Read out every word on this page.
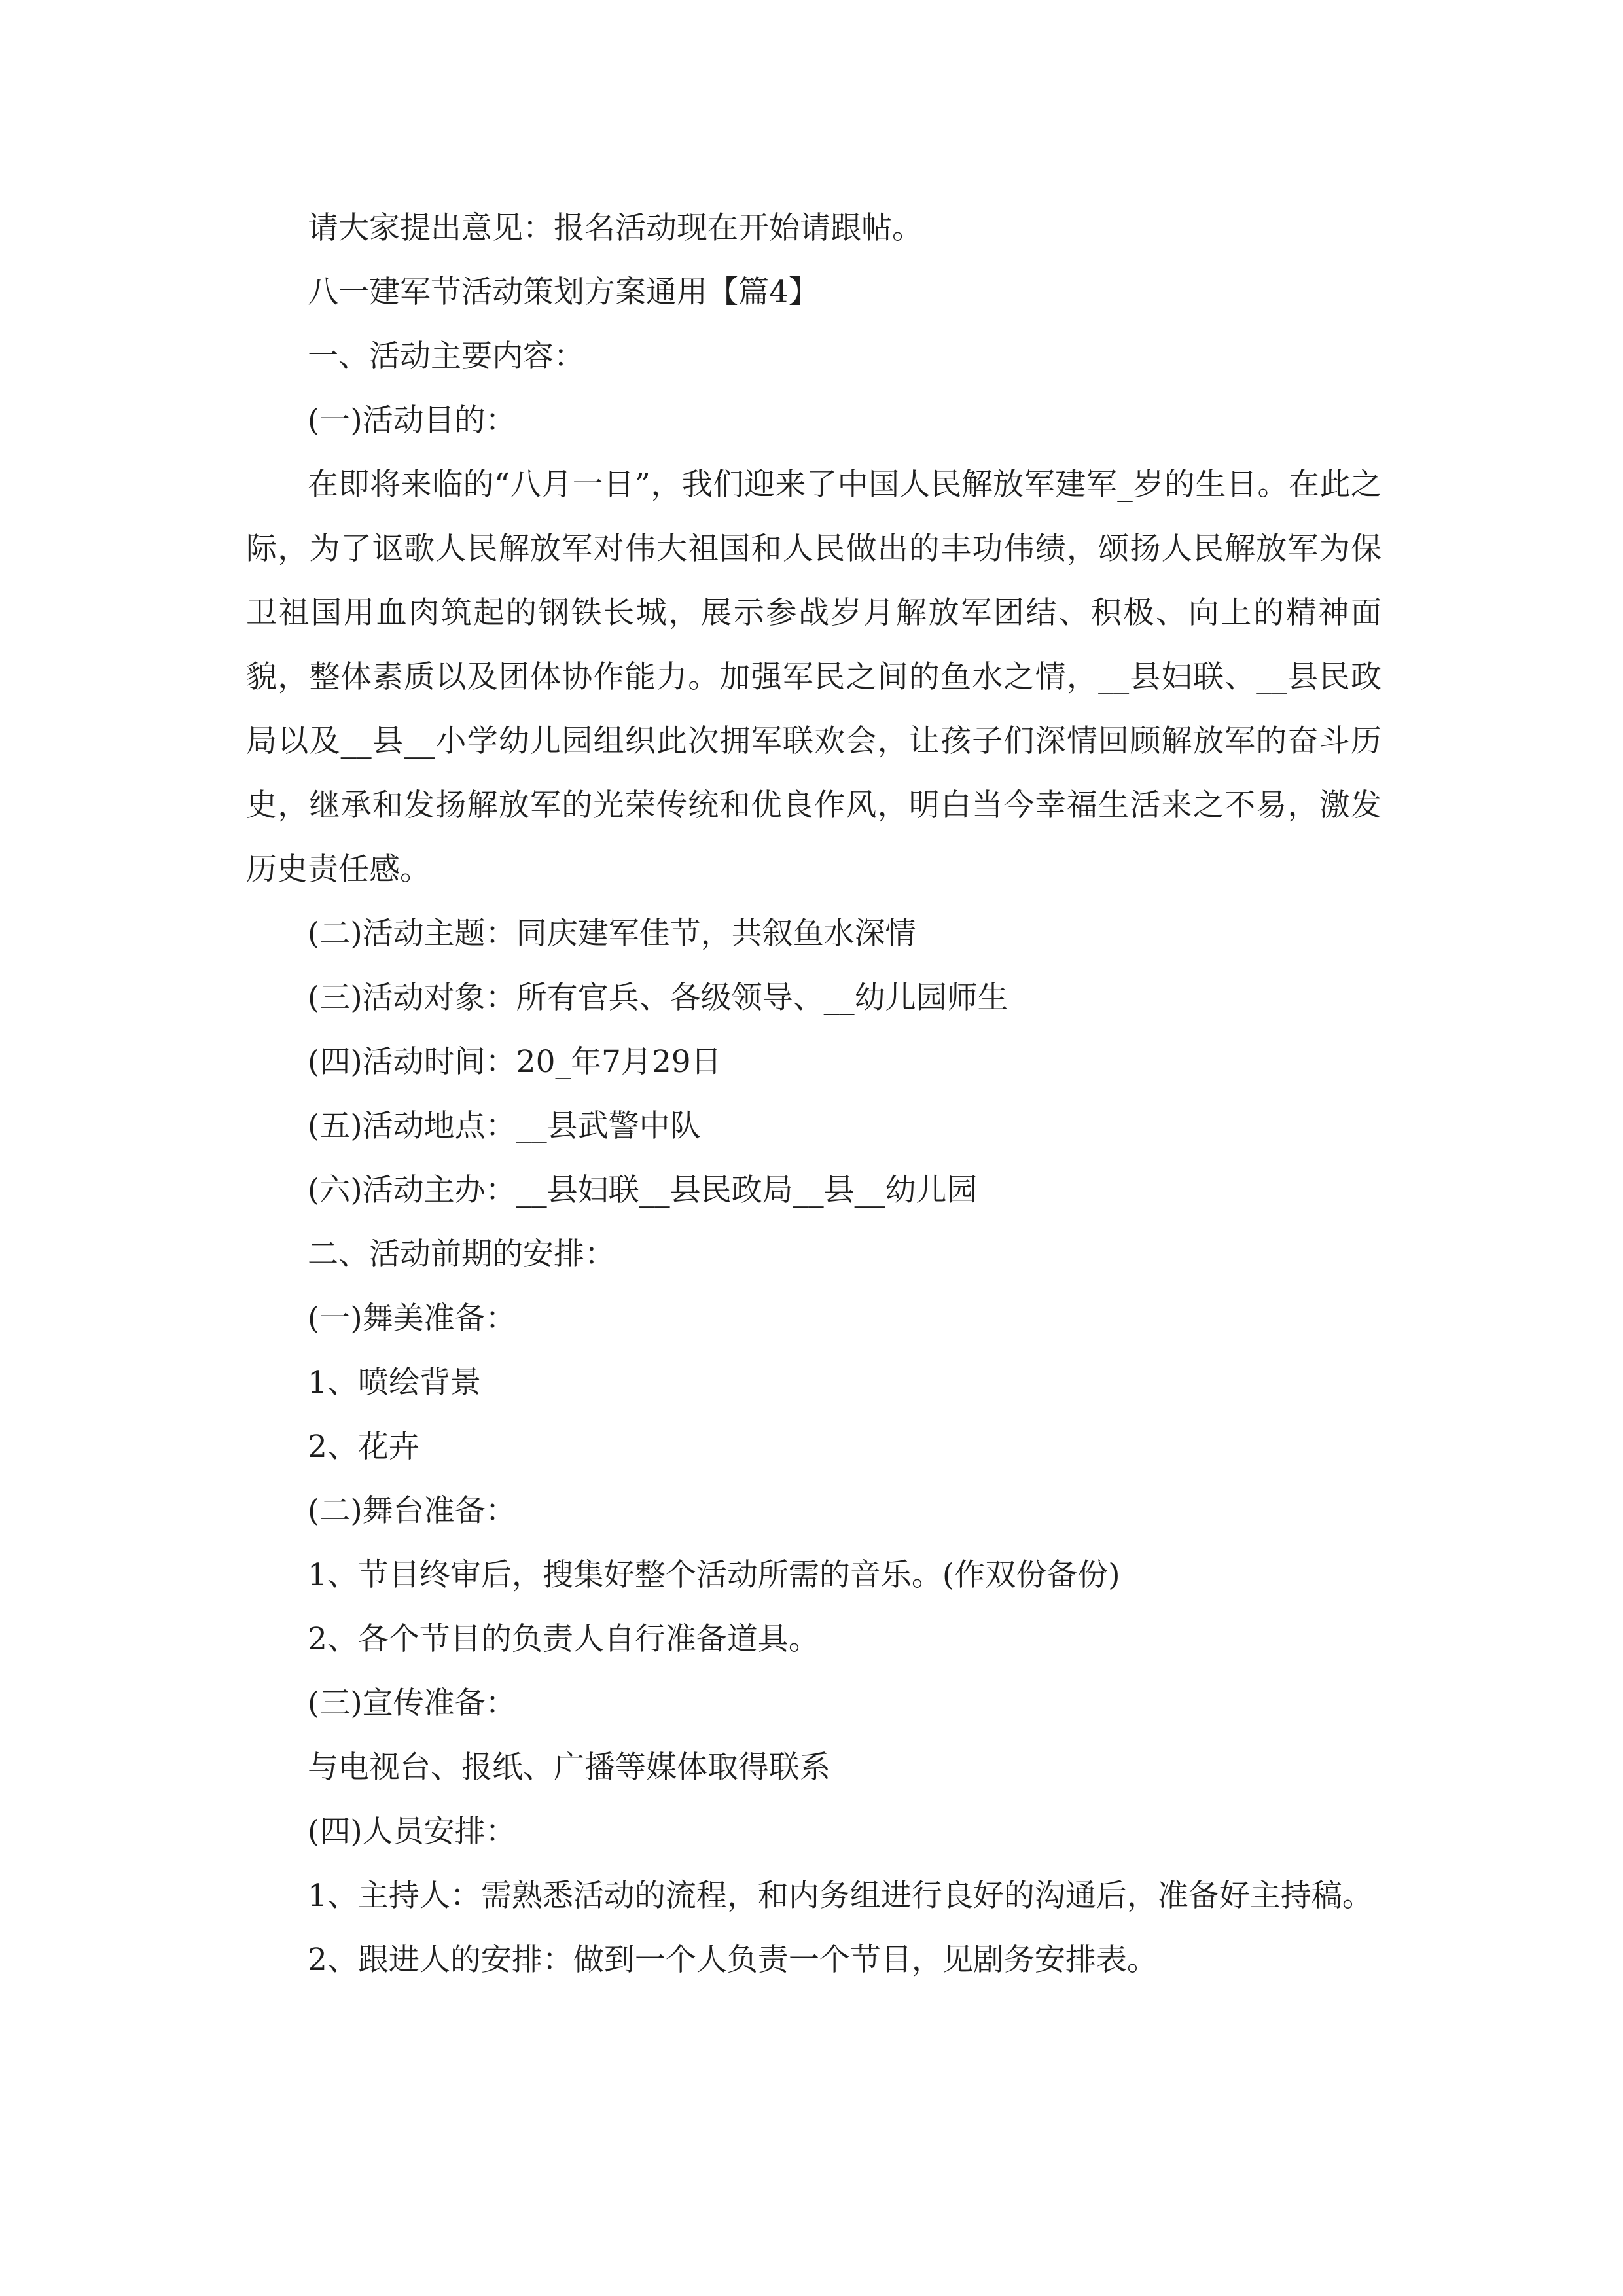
请大家提出意见：报名活动现在开始请跟帖。

八一建军节活动策划方案通用【篇4】

一、活动主要内容：

(一)活动目的：

在即将来临的“八月一日”，我们迎来了中国人民解放军建军_岁的生日。在此之际，为了讴歌人民解放军对伟大祖国和人民做出的丰功伟绩，颂扬人民解放军为保卫祖国用血肉筑起的钢铁长城，展示参战岁月解放军团结、积极、向上的精神面貌，整体素质以及团体协作能力。加强军民之间的鱼水之情，__县妇联、__县民政局以及__县__小学幼儿园组织此次拥军联欢会，让孩子们深情回顾解放军的奋斗历史，继承和发扬解放军的光荣传统和优良作风，明白当今幸福生活来之不易，激发历史责任感。

(二)活动主题：同庆建军佳节，共叙鱼水深情

(三)活动对象：所有官兵、各级领导、__幼儿园师生

(四)活动时间：20_年7月29日

(五)活动地点：__县武警中队

(六)活动主办：__县妇联__县民政局__县__幼儿园

二、活动前期的安排：

(一)舞美准备：

1、喷绘背景

2、花卉

(二)舞台准备：

1、节目终审后，搜集好整个活动所需的音乐。(作双份备份)

2、各个节目的负责人自行准备道具。

(三)宣传准备：

与电视台、报纸、广播等媒体取得联系

(四)人员安排：

1、主持人：需熟悉活动的流程，和内务组进行良好的沟通后，准备好主持稿。

2、跟进人的安排：做到一个人负责一个节目，见剧务安排表。
